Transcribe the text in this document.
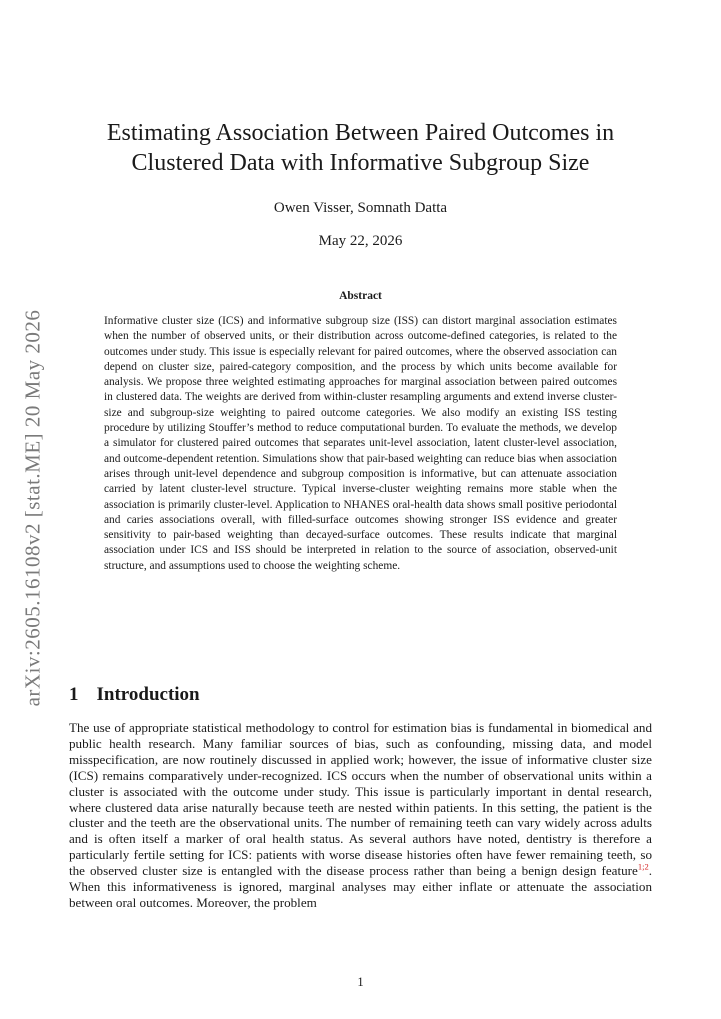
arXiv:2605.16108v2 [stat.ME] 20 May 2026
Estimating Association Between Paired Outcomes in
Clustered Data with Informative Subgroup Size
Owen Visser, Somnath Datta
May 22, 2026
Abstract

Informative cluster size (ICS) and informative subgroup size (ISS) can distort marginal association estimates when the number of observed units, or their distribution across outcome-defined categories, is related to the outcomes under study. This issue is especially relevant for paired outcomes, where the observed association can depend on cluster size, paired-category composition, and the process by which units become available for analysis. We propose three weighted estimating approaches for marginal association between paired outcomes in clustered data. The weights are derived from within-cluster resampling arguments and extend inverse cluster-size and subgroup-size weighting to paired outcome categories. We also modify an existing ISS testing procedure by utilizing Stouffer’s method to reduce computational burden. To evaluate the methods, we develop a simulator for clustered paired outcomes that separates unit-level association, latent cluster-level association, and outcome-dependent retention. Simulations show that pair-based weighting can reduce bias when association arises through unit-level dependence and subgroup composition is informative, but can attenuate association carried by latent cluster-level structure. Typical inverse-cluster weighting remains more stable when the association is primarily cluster-level. Application to NHANES oral-health data shows small positive periodontal and caries associations overall, with filled-surface outcomes showing stronger ISS evidence and greater sensitivity to pair-based weighting than decayed-surface outcomes. These results indicate that marginal association under ICS and ISS should be interpreted in relation to the source of association, observed-unit structure, and assumptions used to choose the weighting scheme.

1 Introduction

The use of appropriate statistical methodology to control for estimation bias is fundamental in biomedical and public health research. Many familiar sources of bias, such as confounding, missing data, and model misspecification, are now routinely discussed in applied work; however, the issue of informative cluster size (ICS) remains comparatively under-recognized. ICS occurs when the number of observational units within a cluster is associated with the outcome under study. This issue is particularly important in dental research, where clustered data arise naturally because teeth are nested within patients. In this setting, the patient is the cluster and the teeth are the observational units. The number of remaining teeth can vary widely across adults and is often itself a marker of oral health status. As several authors have noted, dentistry is therefore a particularly fertile setting for ICS: patients with worse disease histories often have fewer remaining teeth, so the observed cluster size is entangled with the disease process rather than being a benign design feature$^{1;2}$. When this informativeness is ignored, marginal analyses may either inflate or attenuate the association between oral outcomes. Moreover, the problem

1
